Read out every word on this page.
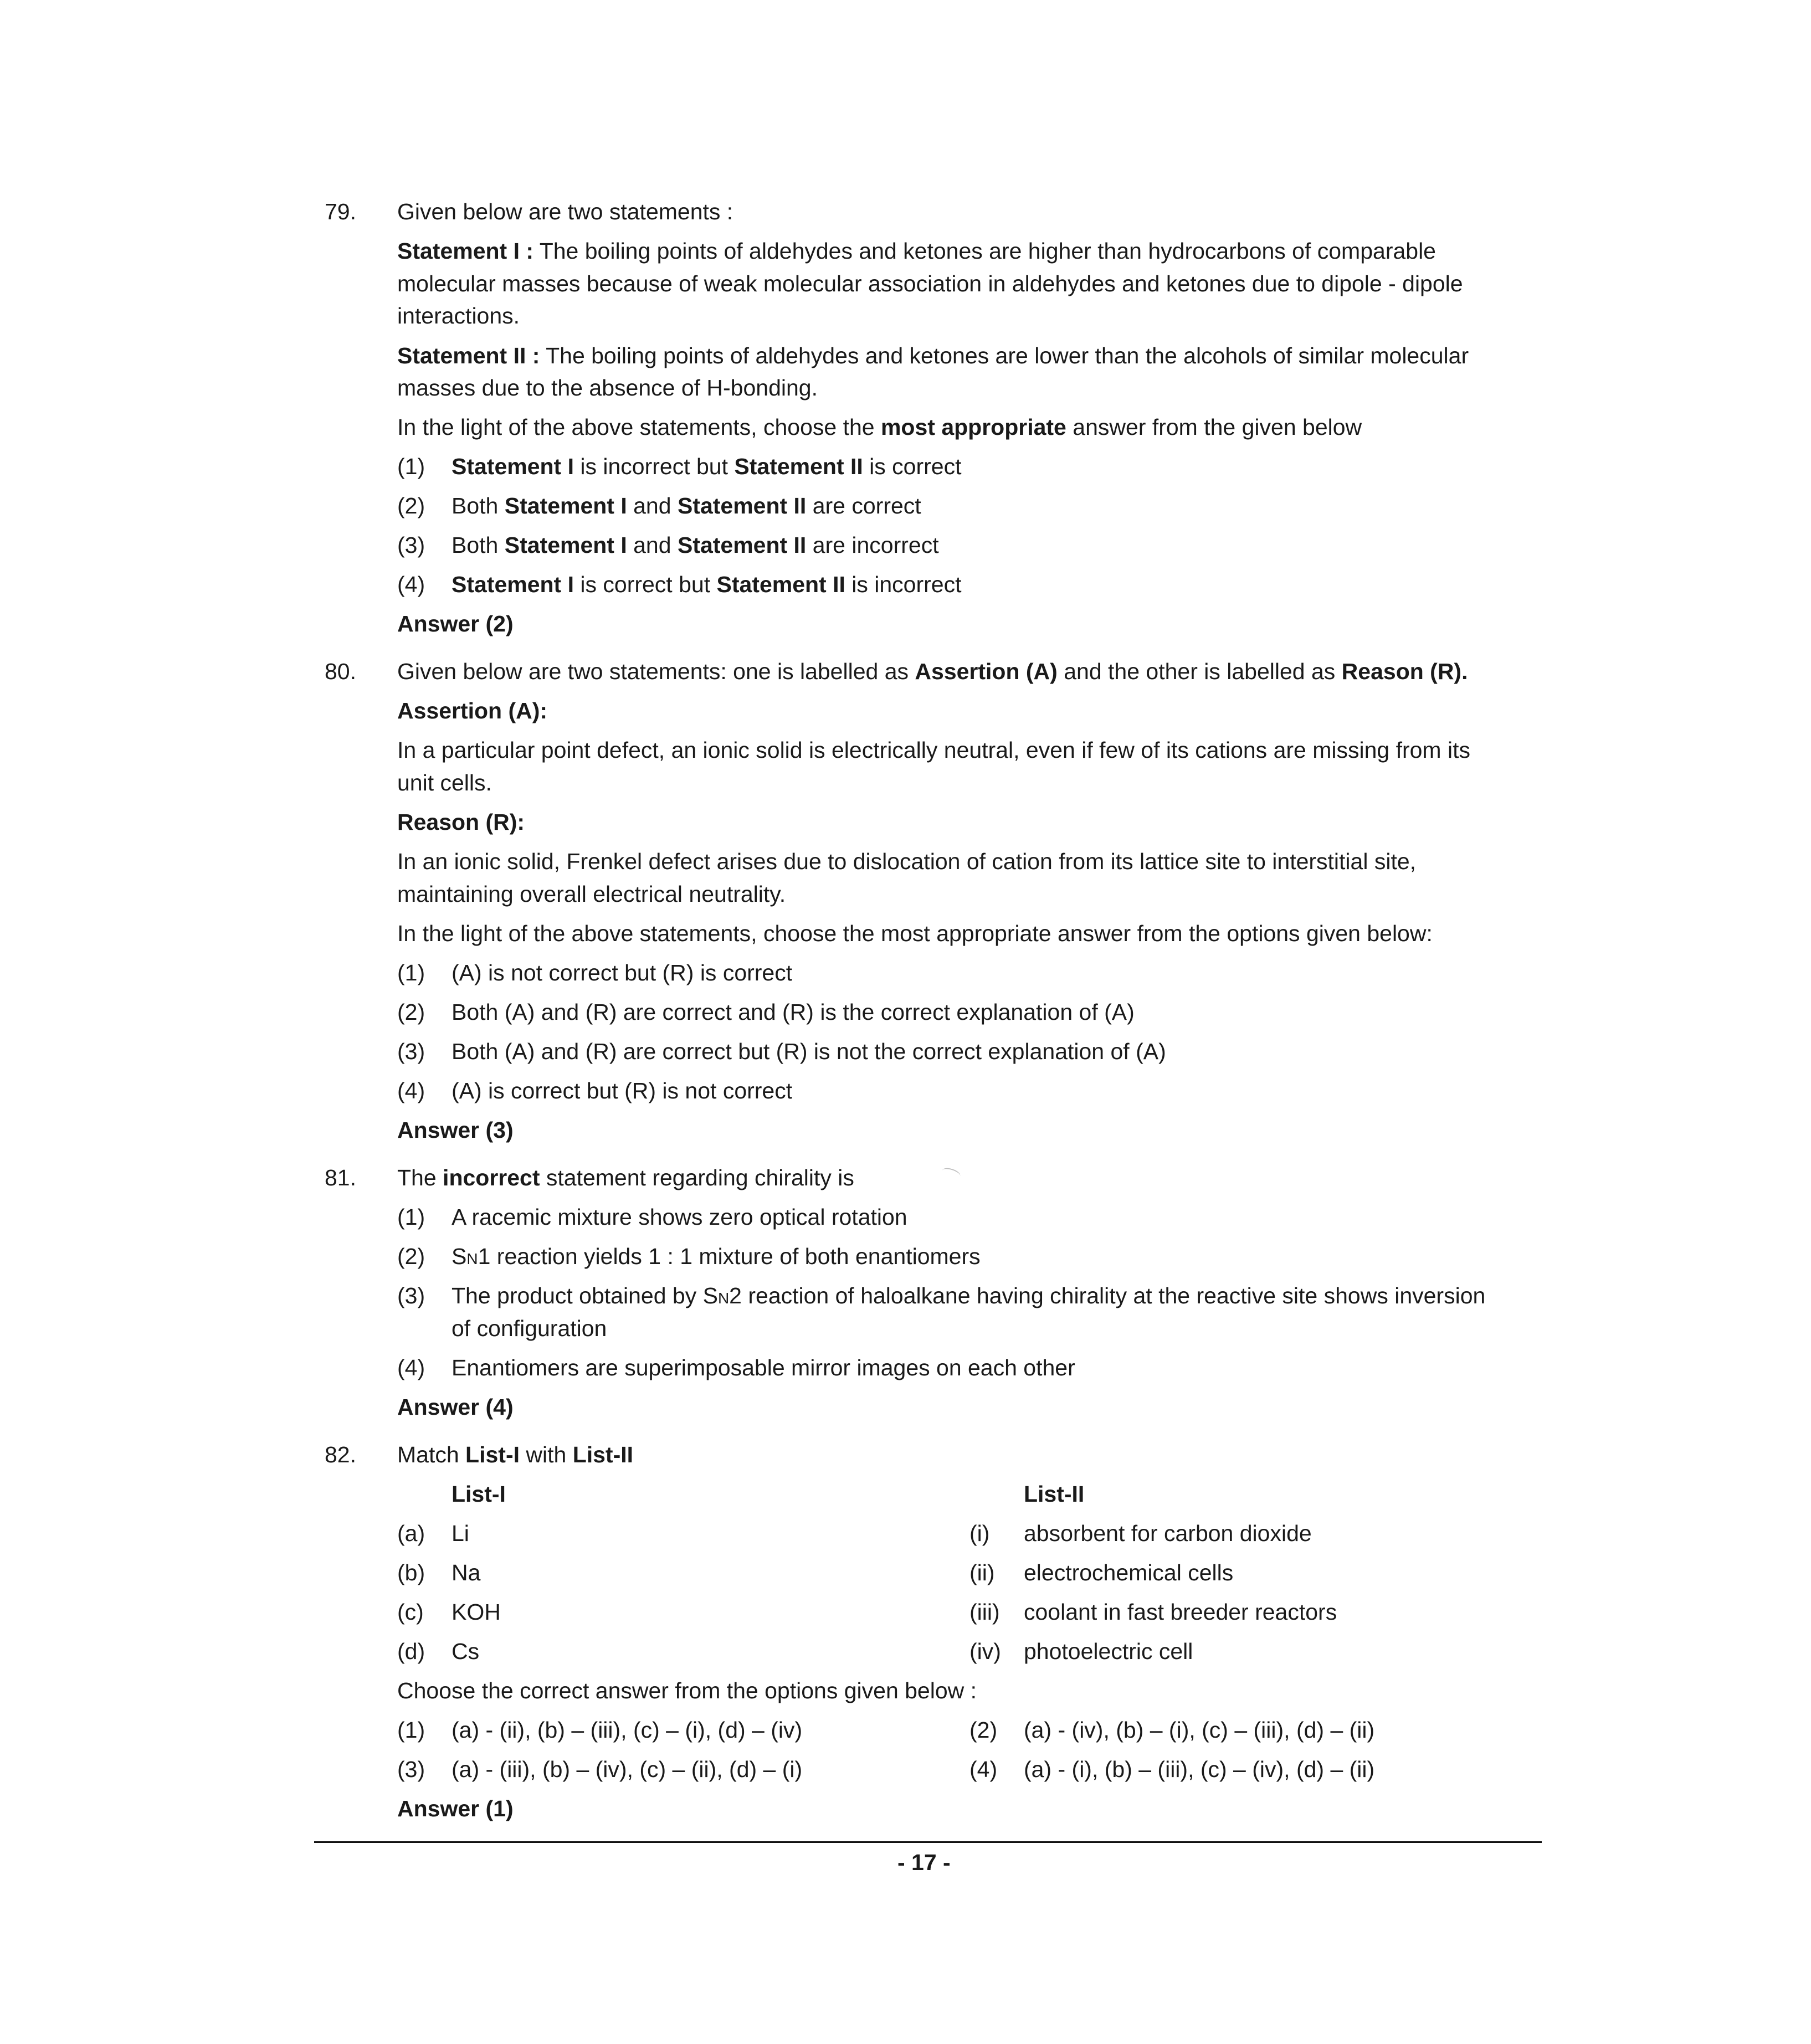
79. Given below are two statements :
Statement I : The boiling points of aldehydes and ketones are higher than hydrocarbons of comparable
molecular masses because of weak molecular association in aldehydes and ketones due to dipole - dipole
interactions.
Statement II : The boiling points of aldehydes and ketones are lower than the alcohols of similar molecular
masses due to the absence of H-bonding.
In the light of the above statements, choose the most appropriate answer from the given below
(1) Statement I is incorrect but Statement II is correct
(2) Both Statement I and Statement II are correct
(3) Both Statement I and Statement II are incorrect
(4) Statement I is correct but Statement II is incorrect
Answer (2)
80. Given below are two statements: one is labelled as Assertion (A) and the other is labelled as Reason (R).
Assertion (A):
In a particular point defect, an ionic solid is electrically neutral, even if few of its cations are missing from its
unit cells.
Reason (R):
In an ionic solid, Frenkel defect arises due to dislocation of cation from its lattice site to interstitial site,
maintaining overall electrical neutrality.
In the light of the above statements, choose the most appropriate answer from the options given below:
(1) (A) is not correct but (R) is correct
(2) Both (A) and (R) are correct and (R) is the correct explanation of (A)
(3) Both (A) and (R) are correct but (R) is not the correct explanation of (A)
(4) (A) is correct but (R) is not correct
Answer (3)
81. The incorrect statement regarding chirality is
(1) A racemic mixture shows zero optical rotation
(2) SN1 reaction yields 1 : 1 mixture of both enantiomers
(3) The product obtained by SN2 reaction of haloalkane having chirality at the reactive site shows inversion
of configuration
(4) Enantiomers are superimposable mirror images on each other
Answer (4)
82. Match List-I with List-II
List-I	List-II
(a) Li	(i) absorbent for carbon dioxide
(b) Na	(ii) electrochemical cells
(c) KOH	(iii) coolant in fast breeder reactors
(d) Cs	(iv) photoelectric cell
Choose the correct answer from the options given below :
(1) (a) - (ii), (b) – (iii), (c) – (i), (d) – (iv)	(2) (a) - (iv), (b) – (i), (c) – (iii), (d) – (ii)
(3) (a) - (iii), (b) – (iv), (c) – (ii), (d) – (i)	(4) (a) - (i), (b) – (iii), (c) – (iv), (d) – (ii)
Answer (1)
- 17 -
